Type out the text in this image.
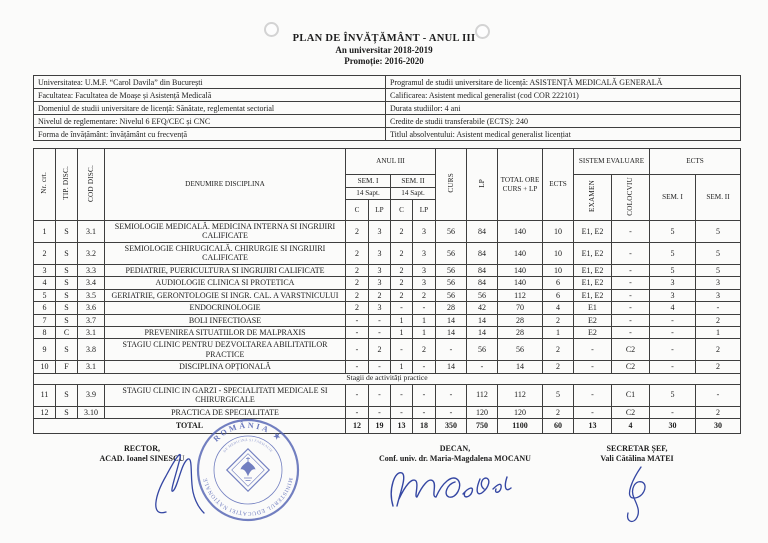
PLAN DE ÎNVĂȚĂMÂNT - ANUL III
An universitar 2018-2019
Promoție: 2016-2020
Universitatea: U.M.F. “Carol Davila” din București	Programul de studii universitare de licență: ASISTENȚĂ MEDICALĂ GENERALĂ
Facultatea: Facultatea de Moașe și Asistență Medicală	Calificarea: Asistent medical generalist (cod COR 222101)
Domeniul de studii universitare de licență: Sănătate, reglementat sectorial	Durata studiilor: 4 ani
Nivelul de reglementare: Nivelul 6 EFQ/CEC și CNC	Credite de studii transferabile (ECTS): 240
Forma de învățământ: învățământ cu frecvență	Titlul absolventului: Asistent medical generalist licențiat
Nr. crt.	TIP. DISC.	COD DISC.	DENUMIRE DISCIPLINA	ANUL III				CURS	LP	TOTAL ORE CURS + LP	ECTS	SISTEM EVALUARE		ECTS	
				SEM. I		SEM. II						EXAMEN	COLOCVIU	SEM. I	SEM. II
				14 Sapt.		14 Sapt.									
				C	LP	C	LP								
1	S	3.1	SEMIOLOGIE MEDICALĂ. MEDICINA INTERNA SI INGRIJIRI CALIFICATE	2	3	2	3	56	84	140	10	E1, E2	-	5	5
2	S	3.2	SEMIOLOGIE CHIRUGICALĂ. CHIRURGIE SI INGRIJIRI CALIFICATE	2	3	2	3	56	84	140	10	E1, E2	-	5	5
3	S	3.3	PEDIATRIE, PUERICULTURA SI INGRIJIRI CALIFICATE	2	3	2	3	56	84	140	10	E1, E2	-	5	5
4	S	3.4	AUDIOLOGIE CLINICA SI PROTETICA	2	3	2	3	56	84	140	6	E1, E2	-	3	3
5	S	3.5	GERIATRIE, GERONTOLOGIE SI INGR. CAL. A VARSTNICULUI	2	2	2	2	56	56	112	6	E1, E2	-	3	3
6	S	3.6	ENDOCRINOLOGIE	2	3	-	-	28	42	70	4	E1	-	4	-
7	S	3.7	BOLI INFECTIOASE	-	-	1	1	14	14	28	2	E2	-	-	2
8	C	3.1	PREVENIREA SITUATIILOR DE MALPRAXIS	-	-	1	1	14	14	28	1	E2	-	-	1
9	S	3.8	STAGIU CLINIC PENTRU DEZVOLTAREA ABILITATILOR PRACTICE	-	2	-	2	-	56	56	2	-	C2	-	2
10	F	3.1	DISCIPLINA OPȚIONALĂ	-	-	1	-	14	-	14	2	-	C2	-	2
Stagii de activități practice															
11	S	3.9	STAGIU CLINIC IN GARZI - SPECIALITATI MEDICALE SI CHIRURGICALE	-	-	-	-	-	112	112	5	-	C1	5	-
12	S	3.10	PRACTICA DE SPECIALITATE	-	-	-	-	-	120	120	2	-	C2	-	2
TOTAL				12	19	13	18	350	750	1100	60	13	4	30	30
RECTOR,
ACAD. Ioanel SINESCU
DECAN,
Conf. univ. dr. Maria-Magdalena MOCANU
SECRETAR ȘEF,
Vali Cătălina MATEI
ROMÂNIA ★
MINISTERUL EDUCAȚIEI NAȚIONALE
DE MEDICINĂ ȘI FARMACIE
